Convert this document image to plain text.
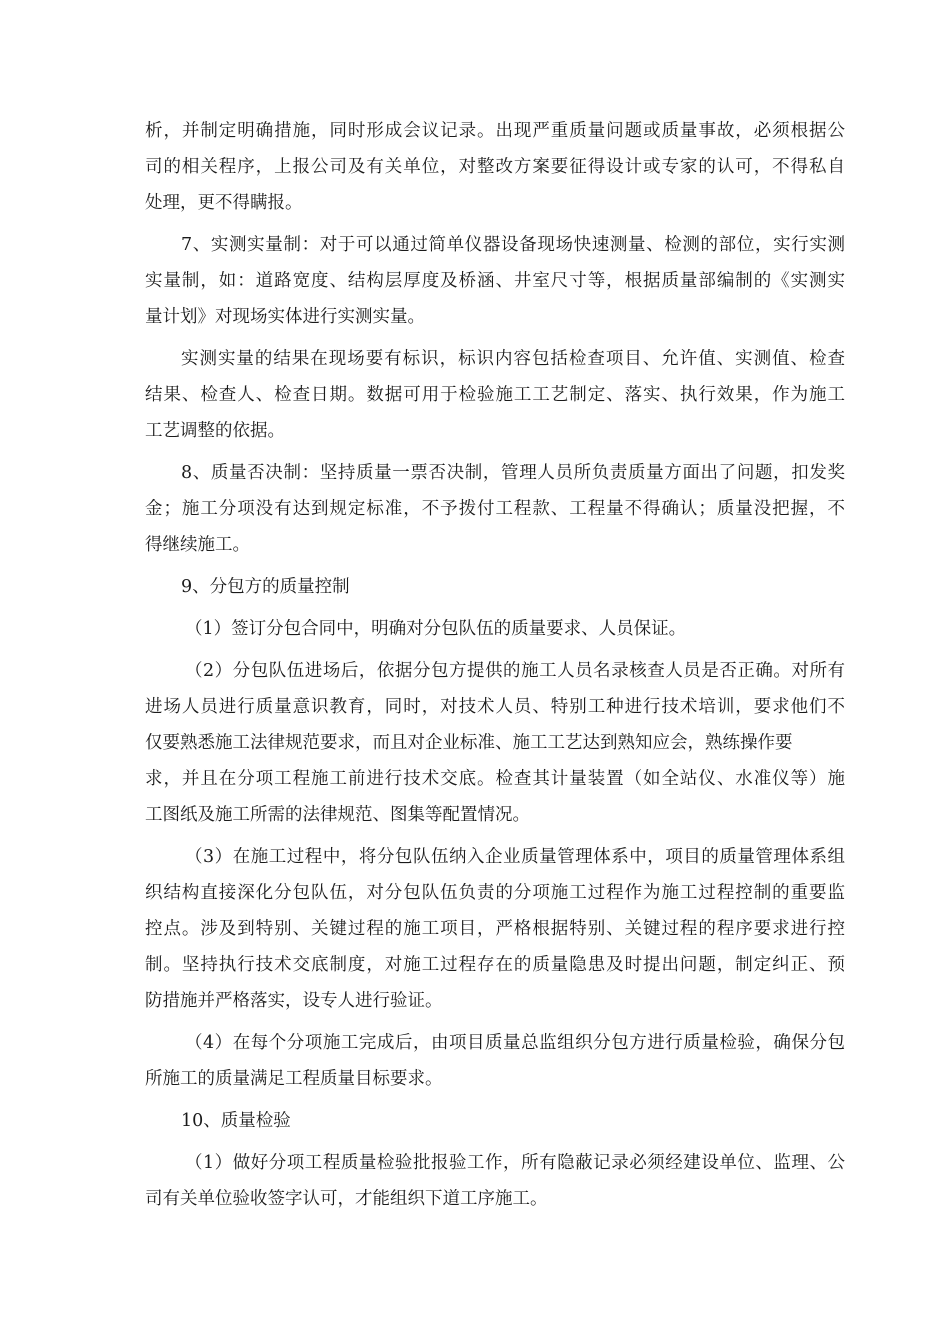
析，并制定明确措施，同时形成会议记录。出现严重质量问题或质量事故，必须根据公
司的相关程序，上报公司及有关单位，对整改方案要征得设计或专家的认可，不得私自
处理，更不得瞒报。
7、实测实量制：对于可以通过简单仪器设备现场快速测量、检测的部位，实行实测
实量制，如：道路宽度、结构层厚度及桥涵、井室尺寸等，根据质量部编制的《实测实
量计划》对现场实体进行实测实量。
实测实量的结果在现场要有标识，标识内容包括检查项目、允许值、实测值、检查
结果、检查人、检查日期。数据可用于检验施工工艺制定、落实、执行效果，作为施工
工艺调整的依据。
8、质量否决制：坚持质量一票否决制，管理人员所负责质量方面出了问题，扣发奖
金；施工分项没有达到规定标准，不予拨付工程款、工程量不得确认；质量没把握，不
得继续施工。
9、分包方的质量控制
（1）签订分包合同中，明确对分包队伍的质量要求、人员保证。
（2）分包队伍进场后，依据分包方提供的施工人员名录核查人员是否正确。对所有
进场人员进行质量意识教育，同时，对技术人员、特别工种进行技术培训，要求他们不
仅要熟悉施工法律规范要求，而且对企业标准、施工工艺达到熟知应会，熟练操作要
求，并且在分项工程施工前进行技术交底。检查其计量装置（如全站仪、水准仪等）施
工图纸及施工所需的法律规范、图集等配置情况。
（3）在施工过程中，将分包队伍纳入企业质量管理体系中，项目的质量管理体系组
织结构直接深化分包队伍，对分包队伍负责的分项施工过程作为施工过程控制的重要监
控点。涉及到特别、关键过程的施工项目，严格根据特别、关键过程的程序要求进行控
制。坚持执行技术交底制度，对施工过程存在的质量隐患及时提出问题，制定纠正、预
防措施并严格落实，设专人进行验证。
（4）在每个分项施工完成后，由项目质量总监组织分包方进行质量检验，确保分包
所施工的质量满足工程质量目标要求。
10、质量检验
（1）做好分项工程质量检验批报验工作，所有隐蔽记录必须经建设单位、监理、公
司有关单位验收签字认可，才能组织下道工序施工。
